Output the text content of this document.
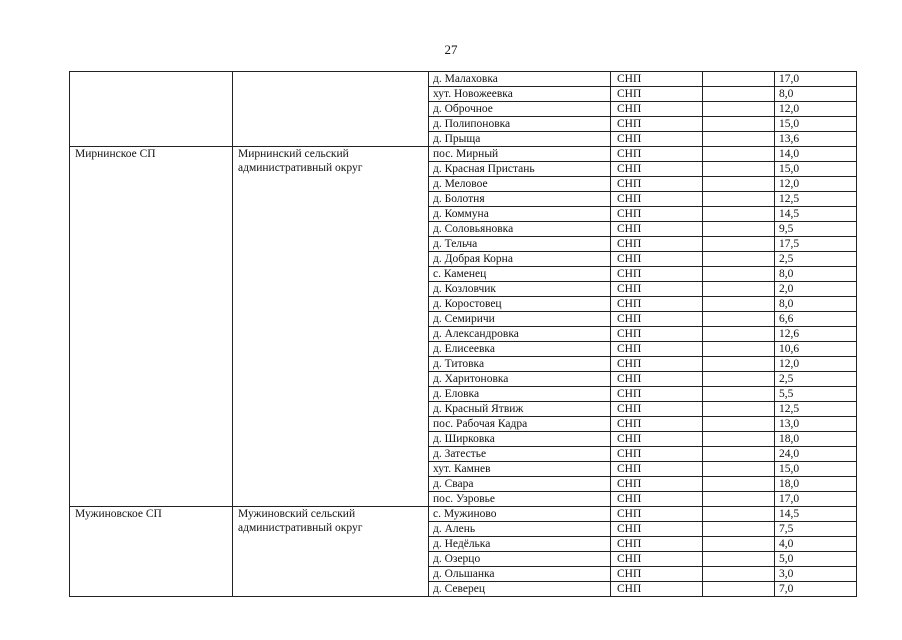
27
		д. Малаховка	СНП		17,0
		хут. Новожеевка	СНП		8,0
		д. Оброчное	СНП		12,0
		д. Полипоновка	СНП		15,0
		д. Прыща	СНП		13,6
Мирнинское СП	Мирнинский сельский административный округ	пос. Мирный	СНП		14,0
		д. Красная Пристань	СНП		15,0
		д. Меловое	СНП		12,0
		д. Болотня	СНП		12,5
		д. Коммуна	СНП		14,5
		д. Соловьяновка	СНП		9,5
		д. Тельча	СНП		17,5
		д. Добрая Корна	СНП		2,5
		с. Каменец	СНП		8,0
		д. Козловчик	СНП		2,0
		д. Коростовец	СНП		8,0
		д. Семиричи	СНП		6,6
		д. Александровка	СНП		12,6
		д. Елисеевка	СНП		10,6
		д. Титовка	СНП		12,0
		д. Харитоновка	СНП		2,5
		д. Еловка	СНП		5,5
		д. Красный Ятвиж	СНП		12,5
		пос. Рабочая Кадра	СНП		13,0
		д. Ширковка	СНП		18,0
		д. Затестье	СНП		24,0
		хут. Камнев	СНП		15,0
		д. Свара	СНП		18,0
		пос. Узровье	СНП		17,0
Мужиновское СП	Мужиновский сельский административный округ	с. Мужиново	СНП		14,5
		д. Алень	СНП		7,5
		д. Недёлька	СНП		4,0
		д. Озерцо	СНП		5,0
		д. Ольшанка	СНП		3,0
		д. Северец	СНП		7,0
